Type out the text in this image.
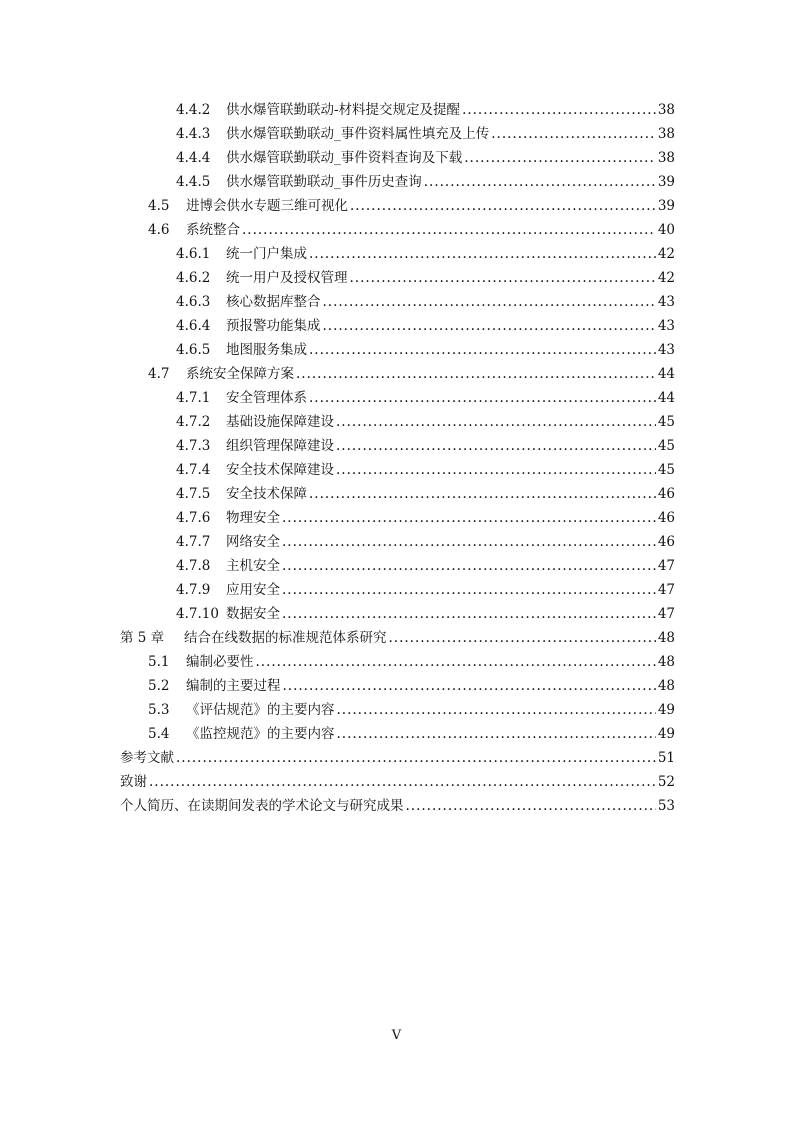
4.4.2	供水爆管联勤联动-材料提交规定及提醒 .....	38
4.4.3	供水爆管联勤联动_事件资料属性填充及上传 .....	38
4.4.4	供水爆管联勤联动_事件资料查询及下载 .....	38
4.4.5	供水爆管联勤联动_事件历史查询 .....	39
4.5	进博会供水专题三维可视化 .....	39
4.6	系统整合 .....	40
4.6.1	统一门户集成 .....	42
4.6.2	统一用户及授权管理 .....	42
4.6.3	核心数据库整合 .....	43
4.6.4	预报警功能集成 .....	43
4.6.5	地图服务集成 .....	43
4.7	系统安全保障方案 .....	44
4.7.1	安全管理体系 .....	44
4.7.2	基础设施保障建设 .....	45
4.7.3	组织管理保障建设 .....	45
4.7.4	安全技术保障建设 .....	45
4.7.5	安全技术保障 .....	46
4.7.6	物理安全 .....	46
4.7.7	网络安全 .....	46
4.7.8	主机安全 .....	47
4.7.9	应用安全 .....	47
4.7.10 数据安全 .....	47
第 5 章	结合在线数据的标准规范体系研究 .....	48
5.1	编制必要性 .....	48
5.2	编制的主要过程 .....	48
5.3	《评估规范》的主要内容 .....	49
5.4	《监控规范》的主要内容 .....	49
参考文献 .....	51
致谢 .....	52
个人简历、在读期间发表的学术论文与研究成果 .....	53
V
